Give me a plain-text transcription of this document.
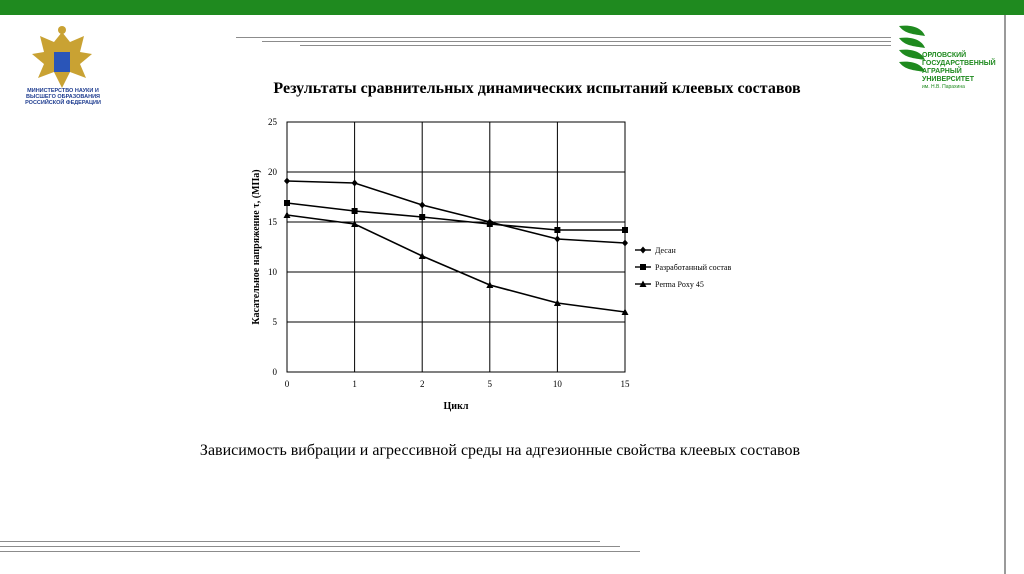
МИНИСТЕРСТВО НАУКИ И ВЫСШЕГО ОБРАЗОВАНИЯ РОССИЙСКОЙ ФЕДЕРАЦИИ
ОРЛОВСКИЙ ГОСУДАРСТВЕННЫЙ АГРАРНЫЙ УНИВЕРСИТЕТ
им. Н.В. Парахина
Результаты сравнительных динамических испытаний клеевых составов
0
5
10
15
20
25
0	1	2	5	10	15
Цикл
Касательное напряжение τ, (МПа)	Десан
Разработанный состав
Perma Poxy 45
Зависимость вибрации и агрессивной среды на адгезионные свойства клеевых составов
